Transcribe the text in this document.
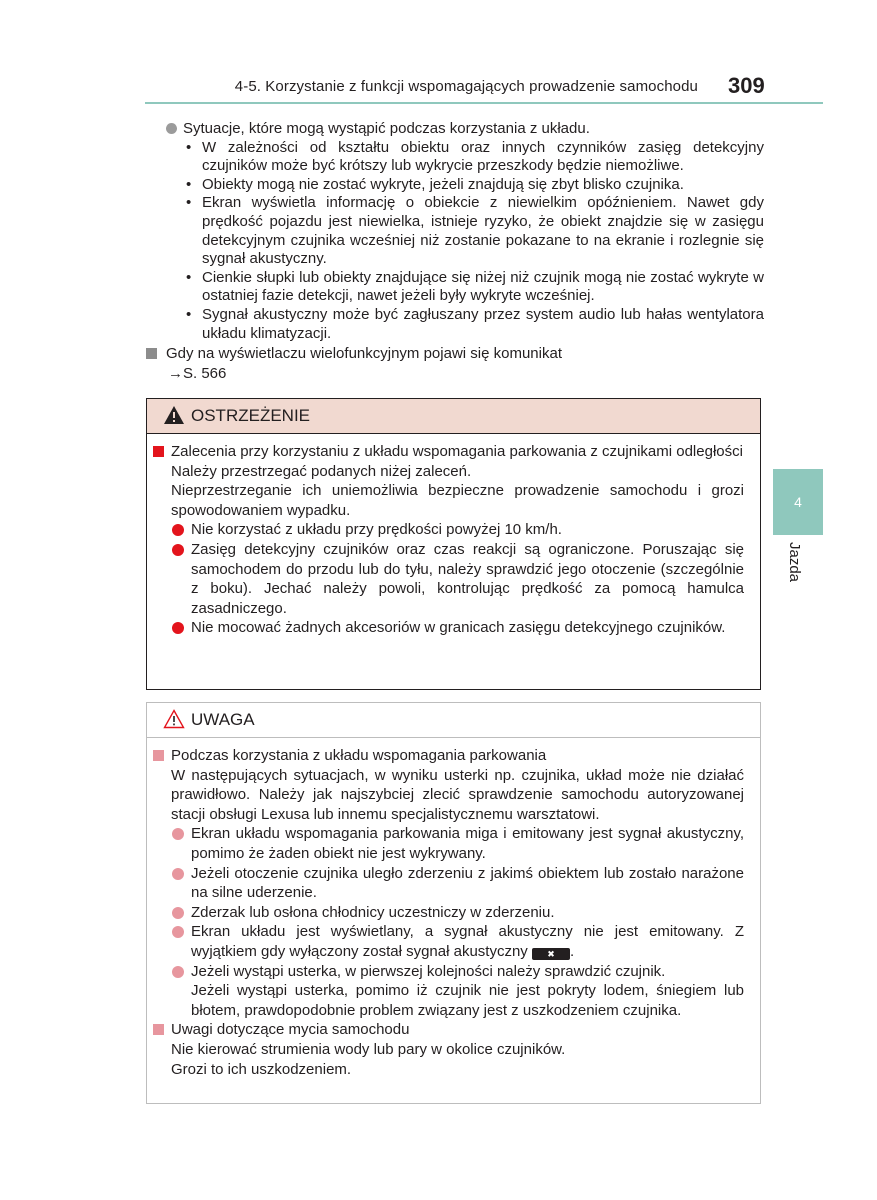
4-5. Korzystanie z funkcji wspomagających prowadzenie samochodu 309
4
Jazda
Sytuacje, które mogą wystąpić podczas korzystania z układu.
• W zależności od kształtu obiektu oraz innych czynników zasięg detekcyjny czujników może być krótszy lub wykrycie przeszkody będzie niemożliwe.
• Obiekty mogą nie zostać wykryte, jeżeli znajdują się zbyt blisko czujnika.
• Ekran wyświetla informację o obiekcie z niewielkim opóźnieniem. Nawet gdy prędkość pojazdu jest niewielka, istnieje ryzyko, że obiekt znajdzie się w zasięgu detekcyjnym czujnika wcześniej niż zostanie pokazane to na ekranie i rozlegnie się sygnał akustyczny.
• Cienkie słupki lub obiekty znajdujące się niżej niż czujnik mogą nie zostać wykryte w ostatniej fazie detekcji, nawet jeżeli były wykryte wcześniej.
• Sygnał akustyczny może być zagłuszany przez system audio lub hałas wentylatora układu klimatyzacji.
Gdy na wyświetlaczu wielofunkcyjnym pojawi się komunikat
→S. 566
OSTRZEŻENIE
Zalecenia przy korzystaniu z układu wspomagania parkowania z czujnikami odległości
Należy przestrzegać podanych niżej zaleceń.
Nieprzestrzeganie ich uniemożliwia bezpieczne prowadzenie samochodu i grozi spowodowaniem wypadku.
Nie korzystać z układu przy prędkości powyżej 10 km/h.
Zasięg detekcyjny czujników oraz czas reakcji są ograniczone. Poruszając się samochodem do przodu lub do tyłu, należy sprawdzić jego otoczenie (szczególnie z boku). Jechać należy powoli, kontrolując prędkość za pomocą hamulca zasadniczego.
Nie mocować żadnych akcesoriów w granicach zasięgu detekcyjnego czujników.
UWAGA
Podczas korzystania z układu wspomagania parkowania
W następujących sytuacjach, w wyniku usterki np. czujnika, układ może nie działać prawidłowo. Należy jak najszybciej zlecić sprawdzenie samochodu autoryzowanej stacji obsługi Lexusa lub innemu specjalistycznemu warsztatowi.
Ekran układu wspomagania parkowania miga i emitowany jest sygnał akustyczny, pomimo że żaden obiekt nie jest wykrywany.
Jeżeli otoczenie czujnika uległo zderzeniu z jakimś obiektem lub zostało narażone na silne uderzenie.
Zderzak lub osłona chłodnicy uczestniczy w zderzeniu.
Ekran układu jest wyświetlany, a sygnał akustyczny nie jest emitowany. Z wyjątkiem gdy wyłączony został sygnał akustyczny ✖ .
Jeżeli wystąpi usterka, w pierwszej kolejności należy sprawdzić czujnik.
Jeżeli wystąpi usterka, pomimo iż czujnik nie jest pokryty lodem, śniegiem lub błotem, prawdopodobnie problem związany jest z uszkodzeniem czujnika.
Uwagi dotyczące mycia samochodu
Nie kierować strumienia wody lub pary w okolice czujników.
Grozi to ich uszkodzeniem.
